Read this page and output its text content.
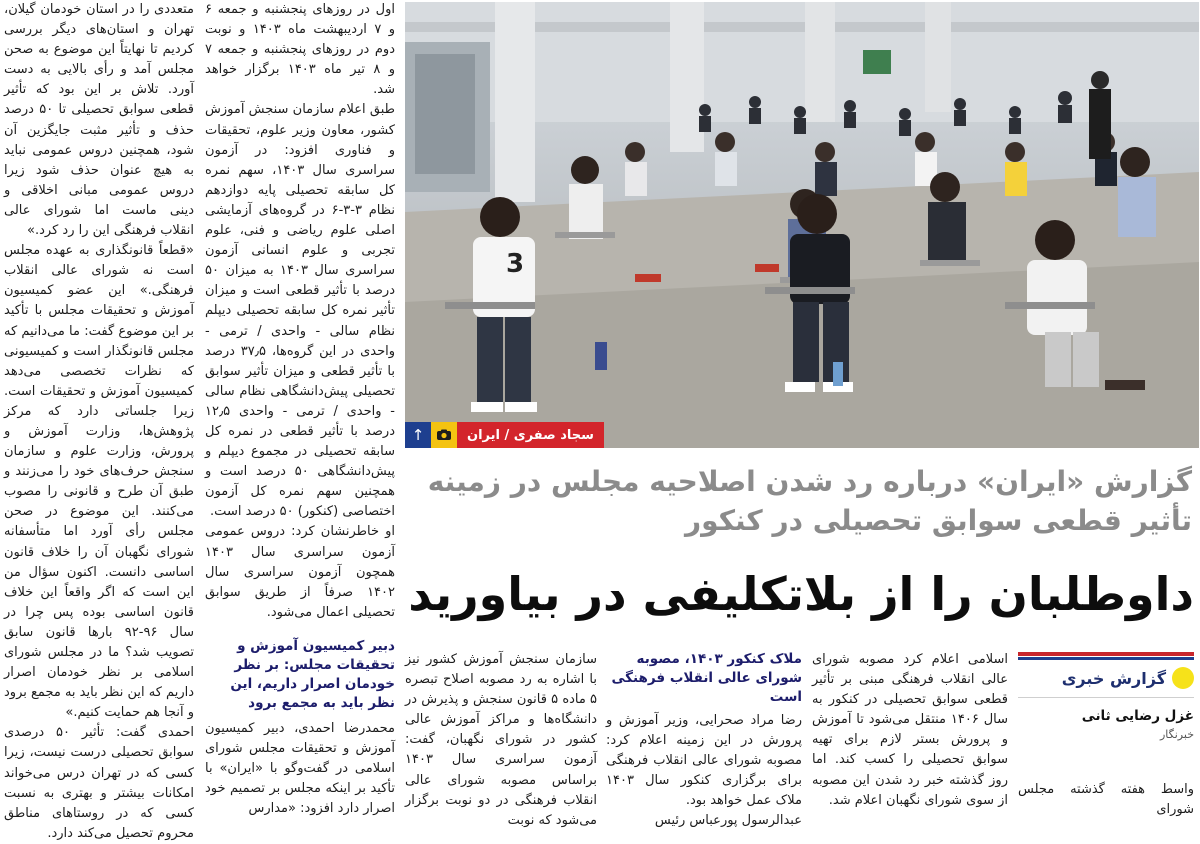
متعددی را در استان خودمان گیلان، تهران و استان‌های دیگر بررسی کردیم تا نهایتاً این موضوع به صحن مجلس آمد و رأی بالایی به دست آورد. تلاش بر این بود که تأثیر قطعی سوابق تحصیلی تا ۵۰ درصد حذف و تأثیر مثبت جایگزین آن شود، همچنین دروس عمومی نباید به هیچ عنوان حذف شود زیرا دروس عمومی مبانی اخلاقی و دینی ماست اما شورای عالی انقلاب فرهنگی این را رد کرد.»

«قطعاً قانونگذاری به عهده مجلس است نه شورای عالی انقلاب فرهنگی.» این عضو کمیسیون آموزش و تحقیقات مجلس با تأکید بر این موضوع گفت: ما می‌دانیم که مجلس قانونگذار است و کمیسیونی که نظرات تخصصی می‌دهد کمیسیون آموزش و تحقیقات است. زیرا جلساتی دارد که مرکز پژوهش‌ها، وزارت آموزش و پرورش، وزارت علوم و سازمان سنجش حرف‌های خود را می‌زنند و طبق آن طرح و قانونی را مصوب می‌کنند. این موضوع در صحن مجلس رأی آورد اما متأسفانه شورای نگهبان آن را خلاف قانون اساسی دانست. اکنون سؤال من این است که اگر واقعاً این خلاف قانون اساسی بوده پس چرا در سال ۹۶-۹۲ بارها قانون سابق تصویب شد؟ ما در مجلس شورای اسلامی بر نظر خودمان اصرار داریم که این نظر باید به مجمع برود و آنجا هم حمایت کنیم.»

احمدی گفت: تأثیر ۵۰ درصدی سوابق تحصیلی درست نیست، زیرا کسی که در تهران درس می‌خواند امکانات بیشتر و بهتری به نسبت کسی که در روستاهای مناطق محروم تحصیل می‌کند دارد.

اول در روزهای پنجشنبه و جمعه ۶ و ۷ اردیبهشت ماه ۱۴۰۳ و نوبت دوم در روزهای پنجشنبه و جمعه ۷ و ۸ تیر ماه ۱۴۰۳ برگزار خواهد شد.

طبق اعلام سازمان سنجش آموزش کشور، معاون وزیر علوم، تحقیقات و فناوری افزود: در آزمون سراسری سال ۱۴۰۳، سهم نمره کل سابقه تحصیلی پایه دوازدهم نظام ۳-۳-۶ در گروه‌های آزمایشی اصلی علوم ریاضی و فنی، علوم تجربی و علوم انسانی آزمون سراسری سال ۱۴۰۳ به میزان ۵۰ درصد با تأثیر قطعی است و میزان تأثیر نمره کل سابقه تحصیلی دیپلم نظام سالی - واحدی / ترمی - واحدی در این گروه‌ها، ۳۷٫۵ درصد با تأثیر قطعی و میزان تأثیر سوابق تحصیلی پیش‌دانشگاهی نظام سالی - واحدی / ترمی - واحدی ۱۲٫۵ درصد با تأثیر قطعی در نمره کل سابقه تحصیلی در مجموع دیپلم و پیش‌دانشگاهی ۵۰ درصد است و همچنین سهم نمره کل آزمون اختصاصی (کنکور) ۵۰ درصد است.

او خاطرنشان کرد: دروس عمومی آزمون سراسری سال ۱۴۰۳ همچون آزمون سراسری سال ۱۴۰۲ صرفاً از طریق سوابق تحصیلی اعمال می‌شود.

دبیر کمیسیون آموزش و تحقیقات مجلس: بر نظر خودمان اصرار داریم، این نظر باید به مجمع برود

محمدرضا احمدی، دبیر کمیسیون آموزش و تحقیقات مجلس شورای اسلامی در گفت‌وگو با «ایران» با تأکید بر اینکه مجلس بر تصمیم خود اصرار دارد افزود: «مدارس

3
↑	سجاد صفری / ایران

گزارش «ایران» درباره رد شدن اصلاحیه مجلس در زمینه تأثیر قطعی سوابق تحصیلی در کنکور

داوطلبان را از بلاتکلیفی در بیاورید

سازمان سنجش آموزش کشور نیز با اشاره به رد مصوبه اصلاح تبصره ۵ ماده ۵ قانون سنجش و پذیرش در دانشگاه‌ها و مراکز آموزش عالی کشور در شورای نگهبان، گفت: آزمون سراسری سال ۱۴۰۳ براساس مصوبه شورای عالی انقلاب فرهنگی در دو نوبت برگزار می‌شود که نوبت

ملاک کنکور ۱۴۰۳، مصوبه شورای عالی انقلاب فرهنگی است

رضا مراد صحرایی، وزیر آموزش و پرورش در این زمینه اعلام کرد: مصوبه شورای عالی انقلاب فرهنگی برای برگزاری کنکور سال ۱۴۰۳ ملاک عمل خواهد بود.

عبدالرسول پورعباس رئیس

اسلامی اعلام کرد مصوبه شورای عالی انقلاب فرهنگی مبنی بر تأثیر قطعی سوابق تحصیلی در کنکور به سال ۱۴۰۶ منتقل می‌شود تا آموزش و پرورش بستر لازم برای تهیه سوابق تحصیلی را کسب کند. اما روز گذشته خبر رد شدن این مصوبه از سوی شورای نگهبان اعلام شد.

گزارش خبری
غزل رضایی ثانی
خبرنگار

واسط هفته گذشته مجلس شورای
